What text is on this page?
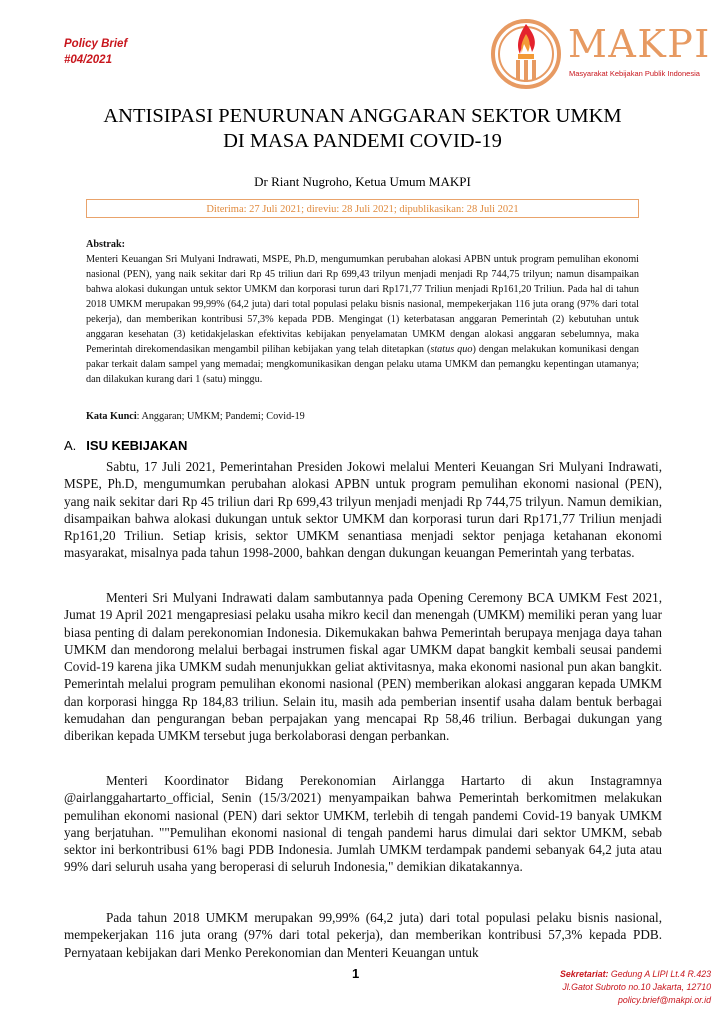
Policy Brief
#04/2021	MAKPI
Masyarakat Kebijakan Publik Indonesia
ANTISIPASI PENURUNAN ANGGARAN SEKTOR UMKM
DI MASA PANDEMI COVID-19
Dr Riant Nugroho, Ketua Umum MAKPI
Diterima: 27 Juli 2021; direviu: 28 Juli 2021; dipublikasikan: 28 Juli 2021
Abstrak:

Menteri Keuangan Sri Mulyani Indrawati, MSPE, Ph.D, mengumumkan perubahan alokasi APBN untuk program pemulihan ekonomi nasional (PEN), yang naik sekitar dari Rp 45 triliun dari Rp 699,43 trilyun menjadi menjadi Rp 744,75 trilyun; namun disampaikan bahwa alokasi dukungan untuk sektor UMKM dan korporasi turun dari Rp171,77 Triliun menjadi Rp161,20 Triliun. Pada hal di tahun 2018 UMKM merupakan 99,99% (64,2 juta) dari total populasi pelaku bisnis nasional, mempekerjakan 116 juta orang (97% dari total pekerja), dan memberikan kontribusi 57,3% kepada PDB. Mengingat (1) keterbatasan anggaran Pemerintah (2) kebutuhan untuk anggaran kesehatan (3) ketidakjelaskan efektivitas kebijakan penyelamatan UMKM dengan alokasi anggaran sebelumnya, maka Pemerintah direkomendasikan mengambil pilihan kebijakan yang telah ditetapkan (status quo) dengan melakukan komunikasi dengan pakar terkait dalam sampel yang memadai; mengkomunikasikan dengan pelaku utama UMKM dan pemangku kepentingan utamanya; dan dilakukan kurang dari 1 (satu) minggu.

Kata Kunci: Anggaran; UMKM; Pandemi; Covid-19
A. ISU KEBIJAKAN

Sabtu, 17 Juli 2021, Pemerintahan Presiden Jokowi melalui Menteri Keuangan Sri Mulyani Indrawati, MSPE, Ph.D, mengumumkan perubahan alokasi APBN untuk program pemulihan ekonomi nasional (PEN), yang naik sekitar dari Rp 45 triliun dari Rp 699,43 trilyun menjadi menjadi Rp 744,75 trilyun. Namun demikian, disampaikan bahwa alokasi dukungan untuk sektor UMKM dan korporasi turun dari Rp171,77 Triliun menjadi Rp161,20 Triliun. Setiap krisis, sektor UMKM senantiasa menjadi sektor penjaga ketahanan ekonomi masyarakat, misalnya pada tahun 1998-2000, bahkan dengan dukungan keuangan Pemerintah yang terbatas.

Menteri Sri Mulyani Indrawati dalam sambutannya pada Opening Ceremony BCA UMKM Fest 2021, Jumat 19 April 2021 mengapresiasi pelaku usaha mikro kecil dan menengah (UMKM) memiliki peran yang luar biasa penting di dalam perekonomian Indonesia. Dikemukakan bahwa Pemerintah berupaya menjaga daya tahan UMKM dan mendorong melalui berbagai instrumen fiskal agar UMKM dapat bangkit kembali seusai pandemi Covid-19 karena jika UMKM sudah menunjukkan geliat aktivitasnya, maka ekonomi nasional pun akan bangkit. Pemerintah melalui program pemulihan ekonomi nasional (PEN) memberikan alokasi anggaran kepada UMKM dan korporasi hingga Rp 184,83 triliun. Selain itu, masih ada pemberian insentif usaha dalam bentuk berbagai kemudahan dan pengurangan beban perpajakan yang mencapai Rp 58,46 triliun. Berbagai dukungan yang diberikan kepada UMKM tersebut juga berkolaborasi dengan perbankan.

Menteri Koordinator Bidang Perekonomian Airlangga Hartarto di akun Instagramnya @airlanggahartarto_official, Senin (15/3/2021) menyampaikan bahwa Pemerintah berkomitmen melakukan pemulihan ekonomi nasional (PEN) dari sektor UMKM, terlebih di tengah pandemi Covid-19 banyak UMKM yang berjatuhan. ""Pemulihan ekonomi nasional di tengah pandemi harus dimulai dari sektor UMKM, sebab sektor ini berkontribusi 61% bagi PDB Indonesia. Jumlah UMKM terdampak pandemi sebanyak 64,2 juta atau 99% dari seluruh usaha yang beroperasi di seluruh Indonesia," demikian dikatakannya.

Pada tahun 2018 UMKM merupakan 99,99% (64,2 juta) dari total populasi pelaku bisnis nasional, mempekerjakan 116 juta orang (97% dari total pekerja), dan memberikan kontribusi 57,3% kepada PDB. Pernyataan kebijakan dari Menko Perekonomian dan Menteri Keuangan untuk

1	Sekretariat: Gedung A LIPI Lt.4 R.423
Jl.Gatot Subroto no.10 Jakarta, 12710
policy.brief@makpi.or.id
